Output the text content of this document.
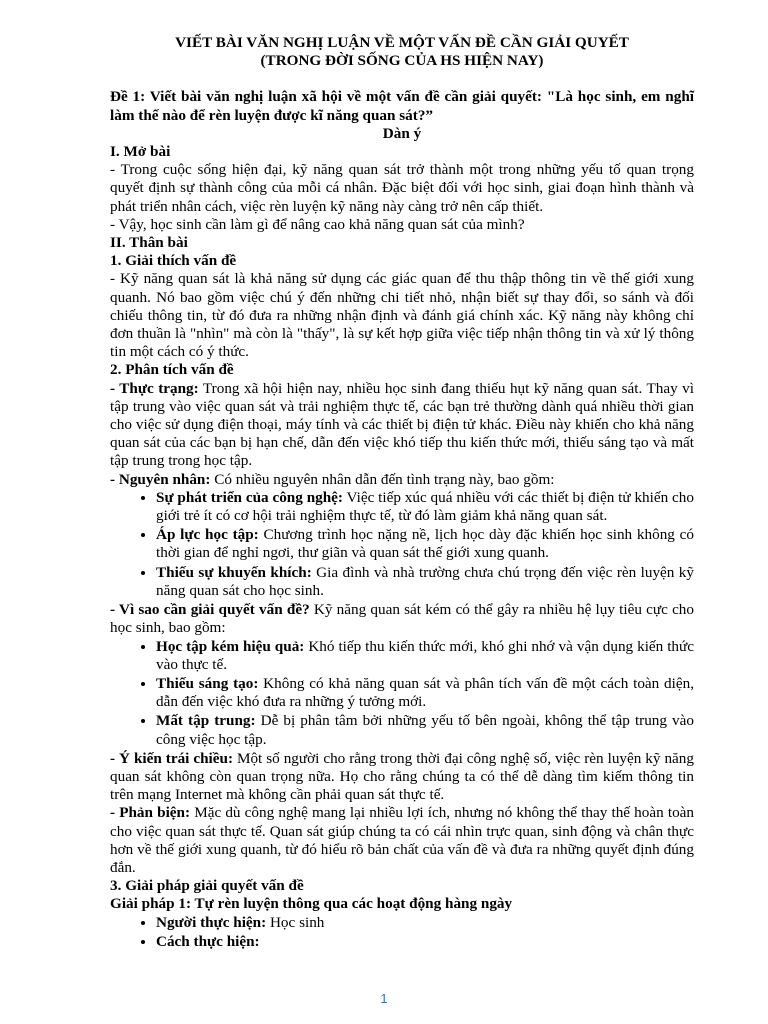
VIẾT BÀI VĂN NGHỊ LUẬN VỀ MỘT VẤN ĐỀ CẦN GIẢI QUYẾT

(TRONG ĐỜI SỐNG CỦA HS HIỆN NAY)

Đề 1: Viết bài văn nghị luận xã hội về một vấn đề cần giải quyết: "Là học sinh, em nghĩ làm thế nào để rèn luyện được kĩ năng quan sát?”

Dàn ý

I. Mở bài

- Trong cuộc sống hiện đại, kỹ năng quan sát trở thành một trong những yếu tố quan trọng quyết định sự thành công của mỗi cá nhân. Đặc biệt đối với học sinh, giai đoạn hình thành và phát triển nhân cách, việc rèn luyện kỹ năng này càng trở nên cấp thiết.

- Vậy, học sinh cần làm gì để nâng cao khả năng quan sát của mình?

II. Thân bài

1. Giải thích vấn đề

- Kỹ năng quan sát là khả năng sử dụng các giác quan để thu thập thông tin về thế giới xung quanh. Nó bao gồm việc chú ý đến những chi tiết nhỏ, nhận biết sự thay đổi, so sánh và đối chiếu thông tin, từ đó đưa ra những nhận định và đánh giá chính xác. Kỹ năng này không chỉ đơn thuần là "nhìn" mà còn là "thấy", là sự kết hợp giữa việc tiếp nhận thông tin và xử lý thông tin một cách có ý thức.

2. Phân tích vấn đề

- Thực trạng: Trong xã hội hiện nay, nhiều học sinh đang thiếu hụt kỹ năng quan sát. Thay vì tập trung vào việc quan sát và trải nghiệm thực tế, các bạn trẻ thường dành quá nhiều thời gian cho việc sử dụng điện thoại, máy tính và các thiết bị điện tử khác. Điều này khiến cho khả năng quan sát của các bạn bị hạn chế, dẫn đến việc khó tiếp thu kiến thức mới, thiếu sáng tạo và mất tập trung trong học tập.

- Nguyên nhân: Có nhiều nguyên nhân dẫn đến tình trạng này, bao gồm:

• Sự phát triển của công nghệ: Việc tiếp xúc quá nhiều với các thiết bị điện tử khiến cho giới trẻ ít có cơ hội trải nghiệm thực tế, từ đó làm giảm khả năng quan sát.
• Áp lực học tập: Chương trình học nặng nề, lịch học dày đặc khiến học sinh không có thời gian để nghỉ ngơi, thư giãn và quan sát thế giới xung quanh.
• Thiếu sự khuyến khích: Gia đình và nhà trường chưa chú trọng đến việc rèn luyện kỹ năng quan sát cho học sinh.

- Vì sao cần giải quyết vấn đề? Kỹ năng quan sát kém có thể gây ra nhiều hệ lụy tiêu cực cho học sinh, bao gồm:

• Học tập kém hiệu quả: Khó tiếp thu kiến thức mới, khó ghi nhớ và vận dụng kiến thức vào thực tế.
• Thiếu sáng tạo: Không có khả năng quan sát và phân tích vấn đề một cách toàn diện, dẫn đến việc khó đưa ra những ý tưởng mới.
• Mất tập trung: Dễ bị phân tâm bởi những yếu tố bên ngoài, không thể tập trung vào công việc học tập.

- Ý kiến trái chiều: Một số người cho rằng trong thời đại công nghệ số, việc rèn luyện kỹ năng quan sát không còn quan trọng nữa. Họ cho rằng chúng ta có thể dễ dàng tìm kiếm thông tin trên mạng Internet mà không cần phải quan sát thực tế.

- Phản biện: Mặc dù công nghệ mang lại nhiều lợi ích, nhưng nó không thể thay thế hoàn toàn cho việc quan sát thực tế. Quan sát giúp chúng ta có cái nhìn trực quan, sinh động và chân thực hơn về thế giới xung quanh, từ đó hiểu rõ bản chất của vấn đề và đưa ra những quyết định đúng đắn.

3. Giải pháp giải quyết vấn đề

Giải pháp 1: Tự rèn luyện thông qua các hoạt động hàng ngày

• Người thực hiện: Học sinh
• Cách thực hiện:
1
